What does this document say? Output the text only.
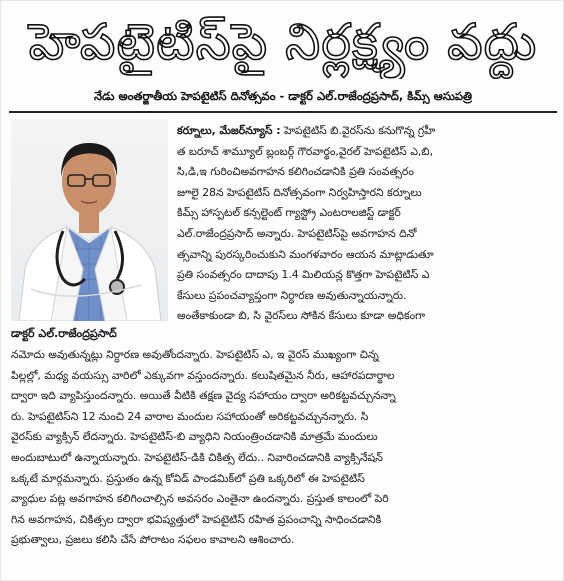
హెపటైటిస్‌పై నిర్లక్ష్యం వద్దు
నేడు అంతర్జాతీయ హెపటైటిస్ దినోత్సవం - డాక్టర్ ఎల్.రాజేంద్రప్రసాద్, కిమ్స్ ఆసుపత్రి
డాక్టర్ ఎల్.రాజేంద్రప్రసాద్
కర్నూలు, మేజర్‌న్యూస్ : హెపటైటిస్ బి.వైరస్‌ను కనుగొన్న గ్రహీ
త బరూచ్ శామ్యూల్ బ్లంబర్గ్ గౌరవార్థం,వైరల్ హెపటైటిస్ ఎ,బి,
సి,డి,ఇ గురించిఅవగాహన కలిగించడానికి ప్రతి సంవత్సరం
జూలై 28న హెపటైటిస్ దినోత్సవంగా నిర్వహిస్తారని కర్నూలు
కిమ్స్ హాస్పటల్ కన్సల్టెంట్ గ్యాస్ట్రో ఎంటరాలజిస్ట్ డాక్టర్
ఎల్.రాజేంద్రప్రసాద్ అన్నారు. హెపటైటిస్‌పై అవగాహన దినో
త్సవాన్ని పురస్కరించుకుని మంగళవారం ఆయన మాట్లాడుతూ
ప్రతి సంవత్సరం దాదాపు 1.4 మిలియన్ల కొత్తగా హెపటైటిస్ ఎ
కేసులు ప్రపంచవ్యాప్తంగా నిర్ధారణ అవుతున్నాయన్నారు.
అంతేకాకుండా బి, సి వైరస్‌లు సోకిన కేసులు కూడా అధికంగా
నమోదు అవుతున్నట్లు నిర్ధారణ అవుతోందన్నారు. హెపటైటిస్ ఎ, ఇ వైరస్ ముఖ్యంగా చిన్న
పిల్లల్లో, మధ్య వయస్సు వారిలో ఎక్కువగా వస్తుందన్నారు. కలుషితమైన నీరు, ఆహారపదార్థాల
ద్వారా ఇది వ్యాపిస్తుందన్నారు. అయితే వీటికి తక్షణ వైద్య సహాయం ద్వారా అరికట్టవచ్చునన్నా
రు. హెపటైటిస్‌ని 12 నుంచి 24 వారాల మందుల సహాయంతో అరికట్టవచ్చునన్నారు. సి
వైరస్‌కు వ్యాక్సిన్ లేదన్నారు. హెపటైటిస్-బి వ్యాధిని నియంత్రించడానికి మాత్రమే మందులు
అందుబాటులో ఉన్నాయన్నారు. హెపటైటిస్-డికి చికిత్స లేదు.. నివారించడానికి వ్యాక్సినేషన్
ఒక్కటే మార్గమన్నారు. ప్రస్తుతం ఉన్న కోవిడ్ పాండమిక్‌లో ప్రతి ఒక్కరిలో ఈ హెపటైటిస్
వ్యాధుల పట్ల అవగాహన కలిగించాల్సిన అవసరం ఎంతైనా ఉందన్నారు. ప్రస్తుత కాలంలో పెరి
గిన అవగాహన, చికిత్సల ద్వారా భవిష్యత్తులో హెపటైటిస్ రహిత ప్రపంచాన్ని సాధించడానికి
ప్రభుత్వాలు, ప్రజలు కలిసి చేసే పోరాటం సఫలం కావాలని ఆశించారు.
